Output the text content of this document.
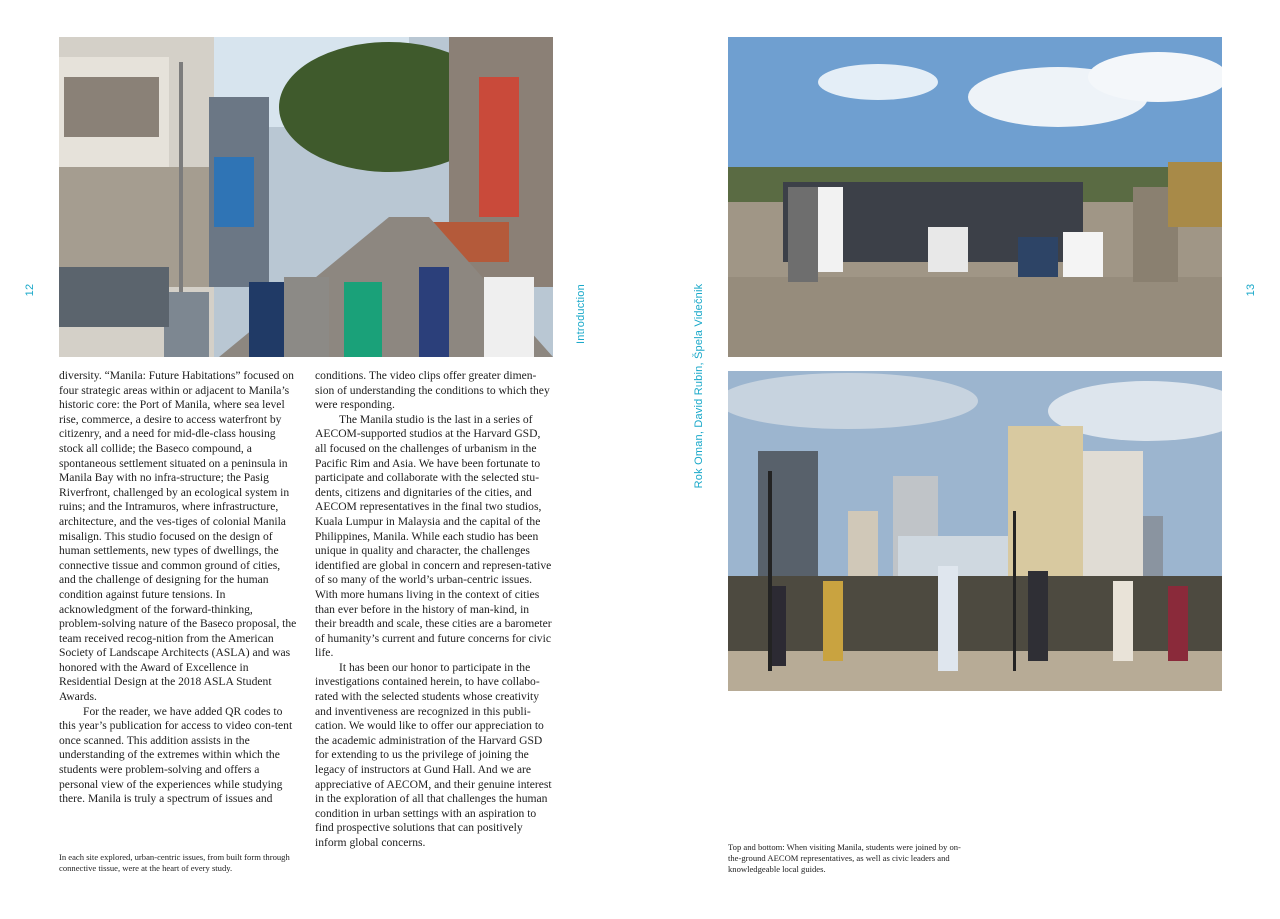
12	Introduction	Rok Oman, David Rubin, Špela Videčnik	13

diversity. “Manila: Future Habitations” focused on four strategic areas within or adjacent to Manila’s historic core: the Port of Manila, where sea level rise, commerce, a desire to access waterfront by citizenry, and a need for mid-dle-class housing stock all collide; the Baseco compound, a spontaneous settlement situated on a peninsula in Manila Bay with no infra-structure; the Pasig Riverfront, challenged by an ecological system in ruins; and the Intramuros, where infrastructure, architecture, and the ves-tiges of colonial Manila misalign. This studio focused on the design of human settlements, new types of dwellings, the connective tissue and common ground of cities, and the challenge of designing for the human condition against future tensions. In acknowledgment of the forward-thinking, problem-solving nature of the Baseco proposal, the team received recog-nition from the American Society of Landscape Architects (ASLA) and was honored with the Award of Excellence in Residential Design at the 2018 ASLA Student Awards.

For the reader, we have added QR codes to this year’s publication for access to video con-tent once scanned. This addition assists in the understanding of the extremes within which the students were problem-solving and offers a personal view of the experiences while studying there. Manila is truly a spectrum of issues and

conditions. The video clips offer greater dimen-sion of understanding the conditions to which they were responding.

The Manila studio is the last in a series of AECOM-supported studios at the Harvard GSD, all focused on the challenges of urbanism in the Pacific Rim and Asia. We have been fortunate to participate and collaborate with the selected stu-dents, citizens and dignitaries of the cities, and AECOM representatives in the final two studios, Kuala Lumpur in Malaysia and the capital of the Philippines, Manila. While each studio has been unique in quality and character, the challenges identified are global in concern and represen-tative of so many of the world’s urban-centric issues. With more humans living in the context of cities than ever before in the history of man-kind, in their breadth and scale, these cities are a barometer of humanity’s current and future concerns for civic life.

It has been our honor to participate in the investigations contained herein, to have collabo-rated with the selected students whose creativity and inventiveness are recognized in this publi-cation. We would like to offer our appreciation to the academic administration of the Harvard GSD for extending to us the privilege of joining the legacy of instructors at Gund Hall. And we are appreciative of AECOM, and their genuine interest in the exploration of all that challenges the human condition in urban settings with an aspiration to find prospective solutions that can positively inform global concerns.

In each site explored, urban-centric issues, from built form through connective tissue, were at the heart of every study.
Top and bottom: When visiting Manila, students were joined by on-the-ground AECOM representatives, as well as civic leaders and knowledgeable local guides.
